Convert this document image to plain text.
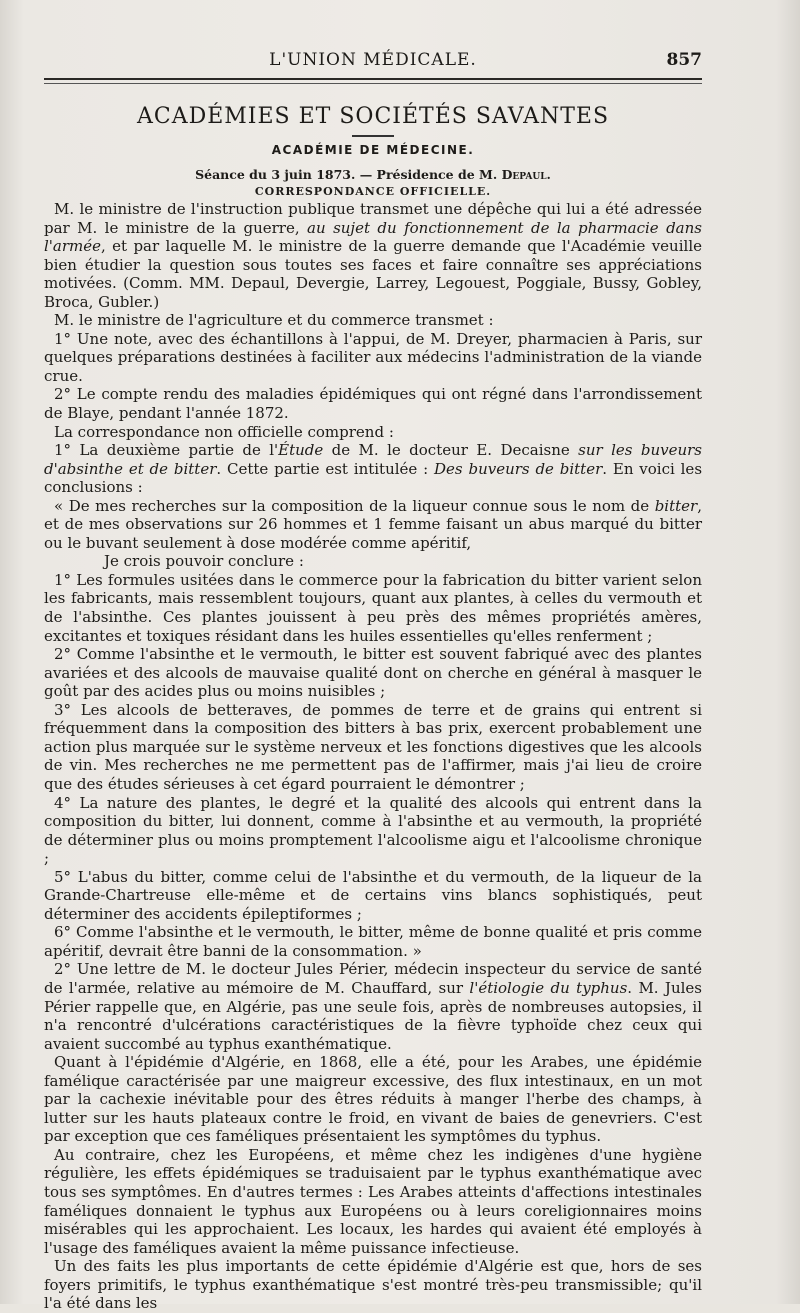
L'UNION MÉDICALE.	857
ACADÉMIES ET SOCIÉTÉS SAVANTES
ACADÉMIE DE MÉDECINE.
Séance du 3 juin 1873. — Présidence de M. Depaul.
CORRESPONDANCE OFFICIELLE.

M. le ministre de l'instruction publique transmet une dépêche qui lui a été adressée par M. le ministre de la guerre, au sujet du fonctionnement de la pharmacie dans l'armée, et par laquelle M. le ministre de la guerre demande que l'Académie veuille bien étudier la question sous toutes ses faces et faire connaître ses appréciations motivées. (Comm. MM. Depaul, Devergie, Larrey, Legouest, Poggiale, Bussy, Gobley, Broca, Gubler.)

M. le ministre de l'agriculture et du commerce transmet :

1° Une note, avec des échantillons à l'appui, de M. Dreyer, pharmacien à Paris, sur quelques préparations destinées à faciliter aux médecins l'administration de la viande crue.

2° Le compte rendu des maladies épidémiques qui ont régné dans l'arrondissement de Blaye, pendant l'année 1872.

La correspondance non officielle comprend :

1° La deuxième partie de l'Étude de M. le docteur E. Decaisne sur les buveurs d'absinthe et de bitter. Cette partie est intitulée : Des buveurs de bitter. En voici les conclusions :

« De mes recherches sur la composition de la liqueur connue sous le nom de bitter, et de mes observations sur 26 hommes et 1 femme faisant un abus marqué du bitter ou le buvant seulement à dose modérée comme apéritif,

Je crois pouvoir conclure :

1° Les formules usitées dans le commerce pour la fabrication du bitter varient selon les fabricants, mais ressemblent toujours, quant aux plantes, à celles du vermouth et de l'absinthe. Ces plantes jouissent à peu près des mêmes propriétés amères, excitantes et toxiques résidant dans les huiles essentielles qu'elles renferment ;

2° Comme l'absinthe et le vermouth, le bitter est souvent fabriqué avec des plantes avariées et des alcools de mauvaise qualité dont on cherche en général à masquer le goût par des acides plus ou moins nuisibles ;

3° Les alcools de betteraves, de pommes de terre et de grains qui entrent si fréquemment dans la composition des bitters à bas prix, exercent probablement une action plus marquée sur le système nerveux et les fonctions digestives que les alcools de vin. Mes recherches ne me permettent pas de l'affirmer, mais j'ai lieu de croire que des études sérieuses à cet égard pourraient le démontrer ;

4° La nature des plantes, le degré et la qualité des alcools qui entrent dans la composition du bitter, lui donnent, comme à l'absinthe et au vermouth, la propriété de déterminer plus ou moins promptement l'alcoolisme aigu et l'alcoolisme chronique ;

5° L'abus du bitter, comme celui de l'absinthe et du vermouth, de la liqueur de la Grande-Chartreuse elle-même et de certains vins blancs sophistiqués, peut déterminer des accidents épileptiformes ;

6° Comme l'absinthe et le vermouth, le bitter, même de bonne qualité et pris comme apéritif, devrait être banni de la consommation. »

2° Une lettre de M. le docteur Jules Périer, médecin inspecteur du service de santé de l'armée, relative au mémoire de M. Chauffard, sur l'étiologie du typhus. M. Jules Périer rappelle que, en Algérie, pas une seule fois, après de nombreuses autopsies, il n'a rencontré d'ulcérations caractéristiques de la fièvre typhoïde chez ceux qui avaient succombé au typhus exanthématique.

Quant à l'épidémie d'Algérie, en 1868, elle a été, pour les Arabes, une épidémie famélique caractérisée par une maigreur excessive, des flux intestinaux, en un mot par la cachexie inévitable pour des êtres réduits à manger l'herbe des champs, à lutter sur les hauts plateaux contre le froid, en vivant de baies de genevriers. C'est par exception que ces faméliques présentaient les symptômes du typhus.

Au contraire, chez les Européens, et même chez les indigènes d'une hygiène régulière, les effets épidémiques se traduisaient par le typhus exanthématique avec tous ses symptômes. En d'autres termes : Les Arabes atteints d'affections intestinales faméliques donnaient le typhus aux Européens ou à leurs coreligionnaires moins misérables qui les approchaient. Les locaux, les hardes qui avaient été employés à l'usage des faméliques avaient la même puissance infectieuse.

Un des faits les plus importants de cette épidémie d'Algérie est que, hors de ses foyers primitifs, le typhus exanthématique s'est montré très-peu transmissible; qu'il l'a été dans les
